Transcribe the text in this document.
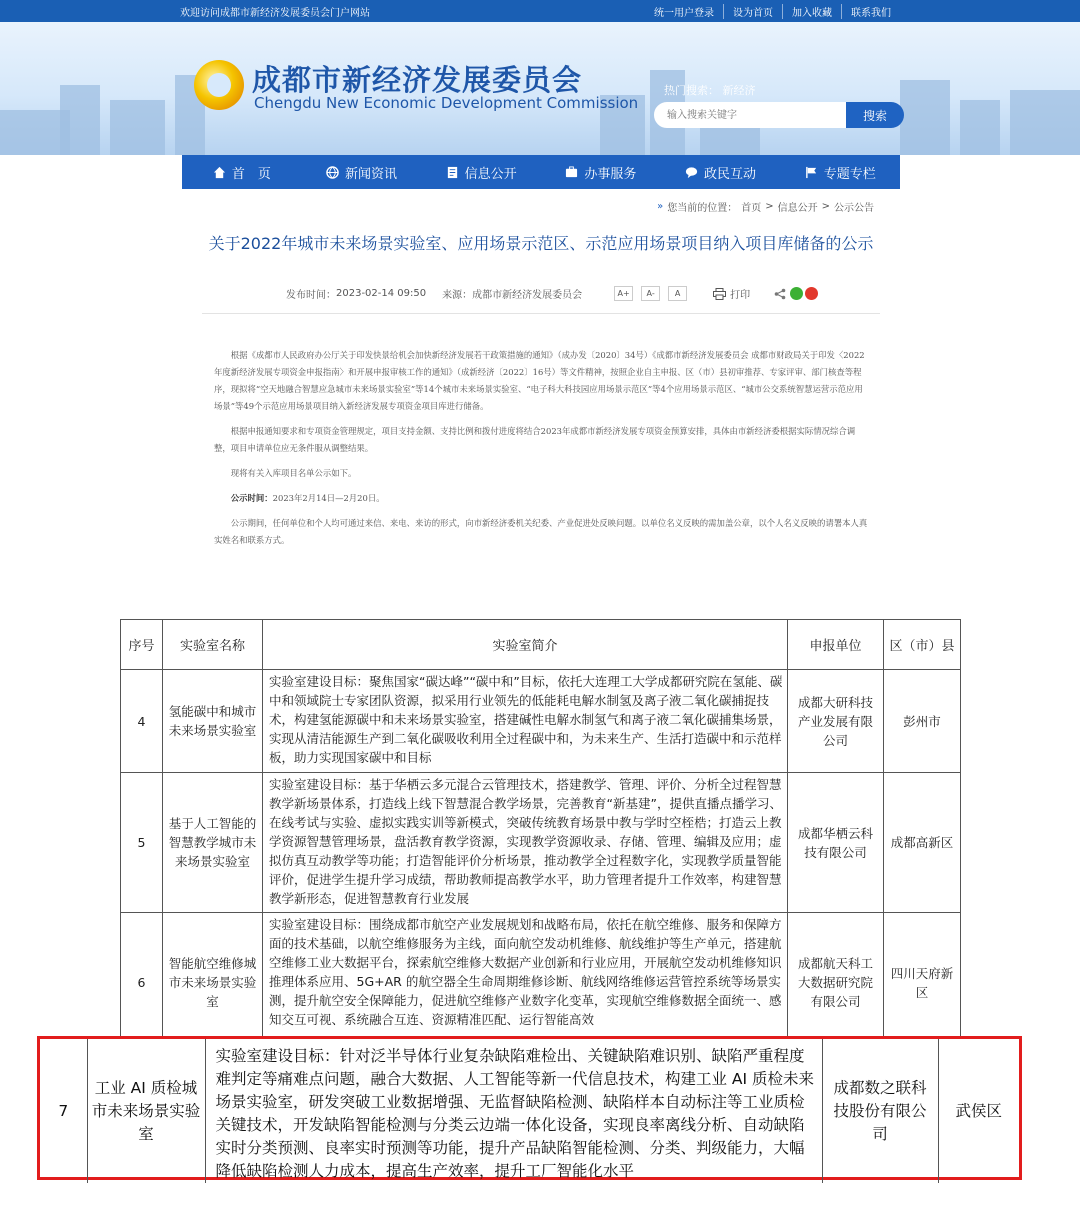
欢迎访问成都市新经济发展委员会门户网站	统一用户登录	设为首页	加入收藏	联系我们
成都市新经济发展委员会
Chengdu New Economic Development Commission
热门搜索： 新经济
输入搜索关键字
搜索
首　页	新闻资讯	信息公开	办事服务	政民互动	专题专栏
» 您当前的位置： 首页 > 信息公开 > 公示公告
关于2022年城市未来场景实验室、应用场景示范区、示范应用场景项目纳入项目库储备的公示
发布时间： 2023-02-14 09:50 来源： 成都市新经济发展委员会	A+	A-	A	打印

根据《成都市人民政府办公厅关于印发快景给机会加快新经济发展若干政策措施的通知》（成办发〔2020〕34号）《成都市新经济发展委员会 成都市财政局关于印发〈2022年度新经济发展专项资金申报指南〉和开展申报审核工作的通知》（成新经济〔2022〕16号）等文件精神，按照企业自主申报、区（市）县初审推荐、专家评审、部门核查等程序，现拟将“空天地融合智慧应急城市未来场景实验室”等14个城市未来场景实验室、“电子科大科技园应用场景示范区”等4个应用场景示范区、“城市公交系统智慧运营示范应用场景”等49个示范应用场景项目纳入新经济发展专项资金项目库进行储备。

根据申报通知要求和专项资金管理规定，项目支持金额、支持比例和拨付进度将结合2023年成都市新经济发展专项资金预算安排，具体由市新经济委根据实际情况综合调整，项目申请单位应无条件服从调整结果。

现将有关入库项目名单公示如下。

公示时间：2023年2月14日—2月20日。

公示期间，任何单位和个人均可通过来信、来电、来访的形式，向市新经济委机关纪委、产业促进处反映问题。以单位名义反映的需加盖公章，以个人名义反映的请署本人真实姓名和联系方式。

序号	实验室名称	实验室简介	申报单位	区（市）县
4	氢能碳中和城市未来场景实验室	实验室建设目标：聚焦国家“碳达峰”“碳中和”目标，依托大连理工大学成都研究院在氢能、碳中和领域院士专家团队资源，拟采用行业领先的低能耗电解水制氢及离子液二氧化碳捕捉技术，构建氢能源碳中和未来场景实验室，搭建碱性电解水制氢气和离子液二氧化碳捕集场景，实现从清洁能源生产到二氧化碳吸收利用全过程碳中和，为未来生产、生活打造碳中和示范样板，助力实现国家碳中和目标	成都大研科技产业发展有限公司	彭州市
5	基于人工智能的智慧教学城市未来场景实验室	实验室建设目标：基于华栖云多元混合云管理技术，搭建教学、管理、评价、分析全过程智慧教学新场景体系，打造线上线下智慧混合教学场景，完善教育“新基建”，提供直播点播学习、在线考试与实验、虚拟实践实训等新模式，突破传统教育场景中教与学时空桎梏；打造云上教学资源智慧管理场景，盘活教育教学资源，实现教学资源收录、存储、管理、编辑及应用；虚拟仿真互动教学等功能；打造智能评价分析场景，推动教学全过程数字化，实现教学质量智能评价，促进学生提升学习成绩，帮助教师提高教学水平，助力管理者提升工作效率，构建智慧教学新形态，促进智慧教育行业发展	成都华栖云科技有限公司	成都高新区
6	智能航空维修城市未来场景实验室	实验室建设目标：围绕成都市航空产业发展规划和战略布局，依托在航空维修、服务和保障方面的技术基础，以航空维修服务为主线，面向航空发动机维修、航线维护等生产单元，搭建航空维修工业大数据平台，探索航空维修大数据产业创新和行业应用，开展航空发动机维修知识推理体系应用、5G+AR 的航空器全生命周期维修诊断、航线网络维修运营管控系统等场景实测，提升航空安全保障能力，促进航空维修产业数字化变革，实现航空维修数据全面统一、感知交互可视、系统融合互连、资源精准匹配、运行智能高效	成都航天科工大数据研究院有限公司	四川天府新区
7	工业 AI 质检城市未来场景实验室	实验室建设目标：针对泛半导体行业复杂缺陷难检出、关键缺陷难识别、缺陷严重程度难判定等痛难点问题，融合大数据、人工智能等新一代信息技术，构建工业 AI 质检未来场景实验室，研发突破工业数据增强、无监督缺陷检测、缺陷样本自动标注等工业质检关键技术，开发缺陷智能检测与分类云边端一体化设备，实现良率离线分析、自动缺陷实时分类预测、良率实时预测等功能，提升产品缺陷智能检测、分类、判级能力，大幅降低缺陷检测人力成本，提高生产效率，提升工厂智能化水平	成都数之联科技股份有限公司	武侯区
